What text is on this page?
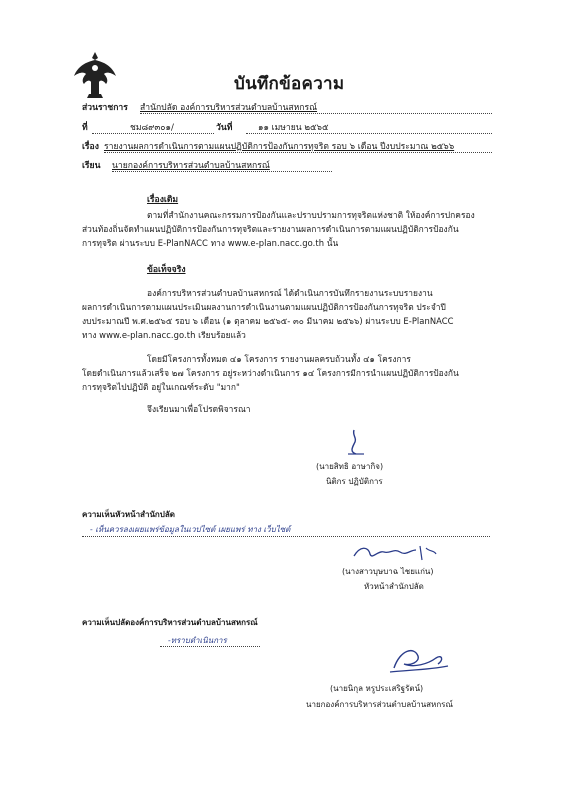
บันทึกข้อความ
ส่วนราชการ สำนักปลัด องค์การบริหารส่วนตำบลบ้านสหกรณ์
ที่	ชม๘๙๓๐๑/	วันที่	๑๑ เมษายน ๒๕๖๕
เรื่อง รายงานผลการดำเนินการตามแผนปฏิบัติการป้องกันการทุจริต รอบ ๖ เดือน ปีงบประมาณ ๒๕๖๖
เรียน นายกองค์การบริหารส่วนตำบลบ้านสหกรณ์
เรื่องเดิม
ตามที่สำนักงานคณะกรรมการป้องกันและปราบปรามการทุจริตแห่งชาติ ให้องค์การปกครอง
ส่วนท้องถิ่นจัดทำแผนปฏิบัติการป้องกันการทุจริตและรายงานผลการดำเนินการตามแผนปฏิบัติการป้องกัน
การทุจริต ผ่านระบบ E-PlanNACC ทาง www.e-plan.nacc.go.th นั้น
ข้อเท็จจริง
องค์การบริหารส่วนตำบลบ้านสหกรณ์ ได้ดำเนินการบันทึกรายงานระบบรายงาน
ผลการดำเนินการตามแผนประเมินผลงานการดำเนินงานตามแผนปฏิบัติการป้องกันการทุจริต ประจำปี
งบประมาณปี พ.ศ.๒๕๖๕ รอบ ๖ เดือน (๑ ตุลาคม ๒๕๖๕- ๓๐ มีนาคม ๒๕๖๖) ผ่านระบบ E-PlanNACC
ทาง www.e-plan.nacc.go.th เรียบร้อยแล้ว
โดยมีโครงการทั้งหมด ๔๑ โครงการ รายงานผลครบถ้วนทั้ง ๔๑ โครงการ
โดยดำเนินการแล้วเสร็จ ๒๗ โครงการ อยู่ระหว่างดำเนินการ ๑๔ โครงการมีการนำแผนปฏิบัติการป้องกัน
การทุจริตไปปฏิบัติ อยู่ในเกณฑ์ระดับ "มาก"
จึงเรียนมาเพื่อโปรดพิจารณา
(นายสิทธิ อาษากิจ)
นิติกร ปฏิบัติการ
ความเห็นหัวหน้าสำนักปลัด
- เห็นควรลงเผยแพร่ข้อมูลในเวปไซต์ เผยแพร่ ทาง เว็บไซต์
(นางสาวบุษบาฉ ไชยแก่น)
หัวหน้าสำนักปลัด
ความเห็นปลัดองค์การบริหารส่วนตำบลบ้านสหกรณ์
-ทราบดำเนินการ
(นายนิกุล หรูประเสริฐรัตน์)
นายกองค์การบริหารส่วนตำบลบ้านสหกรณ์
